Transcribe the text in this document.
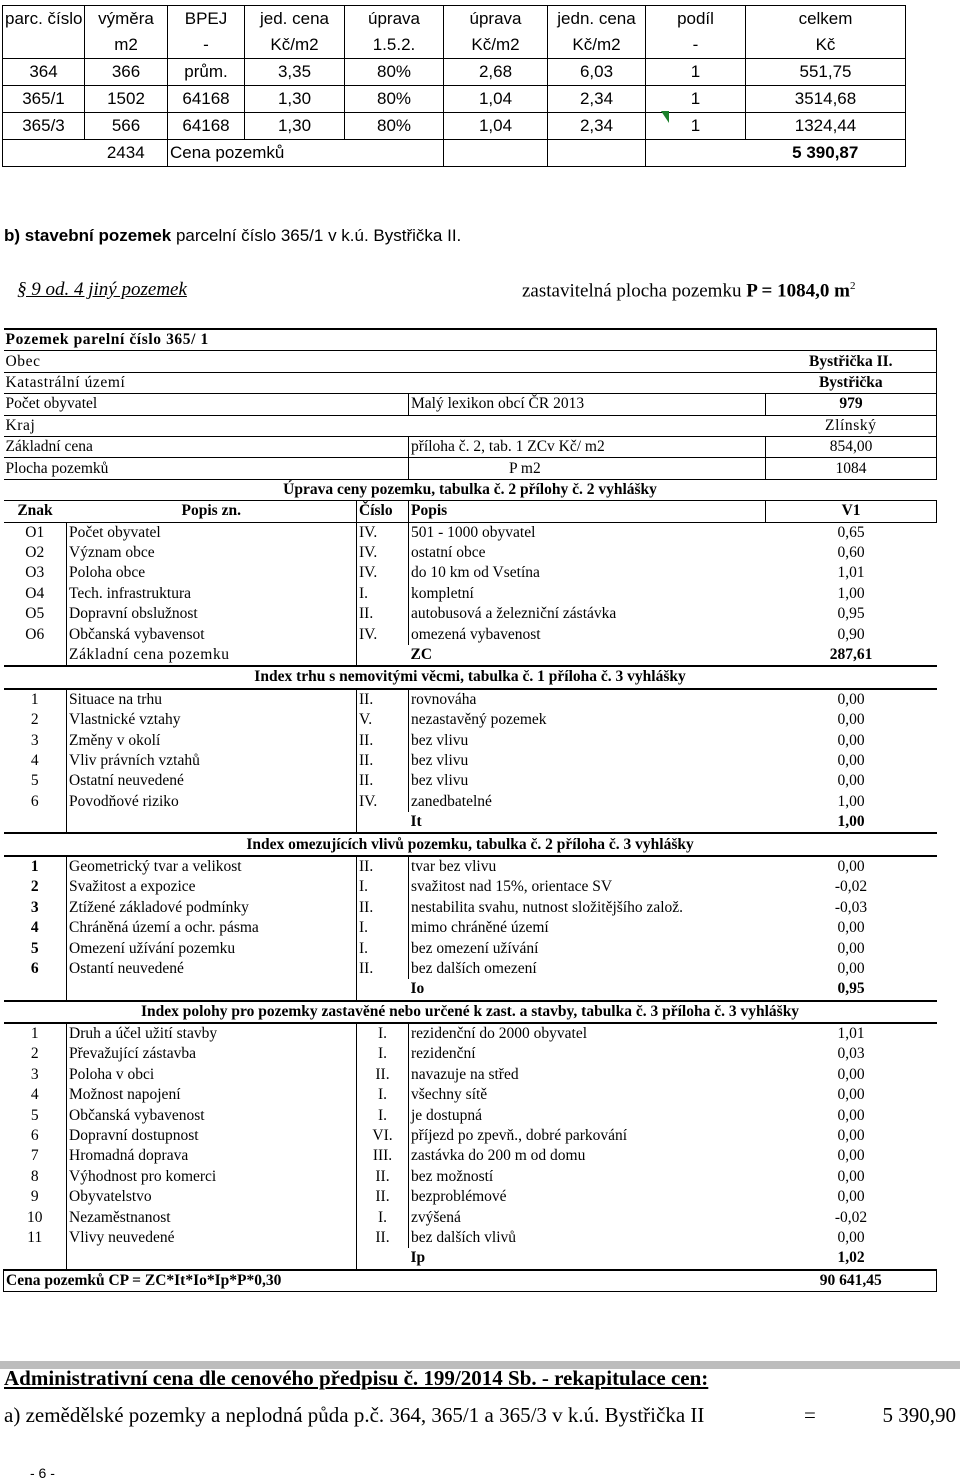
parc. číslo	výměra	BPEJ	jed. cena	úprava	úprava	jedn. cena	podíl	celkem
	m2	-	Kč/m2	1.5.2.	Kč/m2	Kč/m2	-	Kč
364	366	prům.	3,35	80%	2,68	6,03	1	551,75
365/1	1502	64168	1,30	80%	1,04	2,34	1	3514,68
365/3	566	64168	1,30	80%	1,04	2,34	1	1324,44
	2434	Cena pozemků						5 390,87
b) stavební pozemek parcelní číslo 365/1 v k.ú. Bystřička II.
§ 9 od. 4 jiný pozemek	zastavitelná plocha pozemku P = 1084,0 $m^2$
Pozemek parelní číslo 365/ 1				
Obec				Bystřička II.
Katastrální území				Bystřička
Počet obyvatel			Malý lexikon obcí ČR 2013	979
Kraj				Zlínský
Základní cena			příloha č. 2, tab. 1 ZCv Kč/ m2	854,00
Plocha pozemků			P m2	1084
Úprava ceny pozemku, tabulka č. 2 přílohy č. 2 vyhlášky				
Znak	Popis zn.	Číslo	Popis	V1
O1	Počet obyvatel	IV.	501 - 1000 obyvatel	0,65
O2	Význam obce	IV.	ostatní obce	0,60
O3	Poloha obce	IV.	do 10 km od Vsetína	1,01
O4	Tech. infrastruktura	I.	kompletní	1,00
O5	Dopravní obslužnost	II.	autobusová a železniční zástávka	0,95
O6	Občanská vybavensot	IV.	omezená vybavenost	0,90
	Základní cena pozemku		ZC	287,61
Index trhu s nemovitými věcmi, tabulka č. 1 příloha č. 3 vyhlášky				
1	Situace na trhu	II.	rovnováha	0,00
2	Vlastnické vztahy	V.	nezastavěný pozemek	0,00
3	Změny v okolí	II.	bez vlivu	0,00
4	Vliv právních vztahů	II.	bez vlivu	0,00
5	Ostatní neuvedené	II.	bez vlivu	0,00
6	Povodňové riziko	IV.	zanedbatelné	1,00
			It	1,00
Index omezujících vlivů pozemku, tabulka č. 2 příloha č. 3 vyhlášky				
1	Geometrický tvar a velikost	II.	tvar bez vlivu	0,00
2	Svažitost a expozice	I.	svažitost nad 15%, orientace SV	-0,02
3	Ztížené základové podmínky	II.	nestabilita svahu, nutnost složitějšího založ.	-0,03
4	Chráněná území a ochr. pásma	I.	mimo chráněné území	0,00
5	Omezení užívání pozemku	I.	bez omezení užívání	0,00
6	Ostantí neuvedené	II.	bez dalších omezení	0,00
			Io	0,95
Index polohy pro pozemky zastavěné nebo určené k zast. a stavby, tabulka č. 3 příloha č. 3 vyhlášky				
1	Druh a účel užití stavby	I.	rezidenční do 2000 obyvatel	1,01
2	Převažující zástavba	I.	rezidenční	0,03
3	Poloha v obci	II.	navazuje na střed	0,00
4	Možnost napojení	I.	všechny sítě	0,00
5	Občanská vybavenost	I.	je dostupná	0,00
6	Dopravní dostupnost	VI.	příjezd po zpevň., dobré parkování	0,00
7	Hromadná doprava	III.	zastávka do 200 m od domu	0,00
8	Výhodnost pro komerci	II.	bez možností	0,00
9	Obyvatelstvo	II.	bezproblémové	0,00
10	Nezaměstnanost	I.	zvýšená	-0,02
11	Vlivy neuvedené	II.	bez dalších vlivů	0,00
			Ip	1,02
Cena pozemků CP = ZC*It*Io*Ip*P*0,30				90 641,45
Administrativní cena dle cenového předpisu č. 199/2014 Sb. - rekapitulace cen:
a) zemědělské pozemky a neplodná půda p.č. 364, 365/1 a 365/3 v k.ú. Bystřička II	=	5 390,90
- 6 -
